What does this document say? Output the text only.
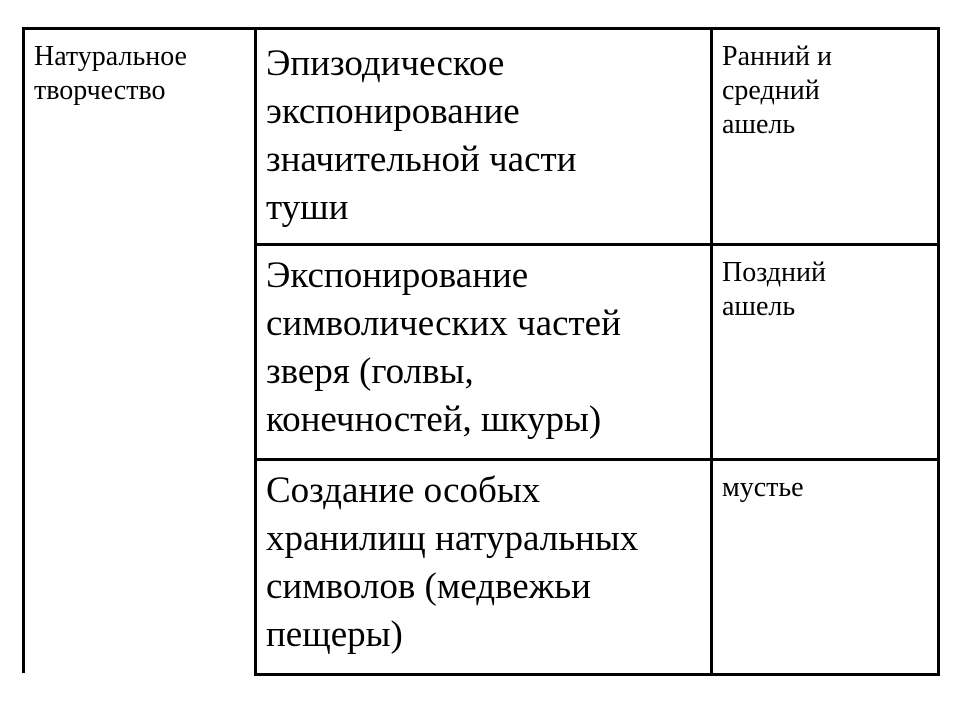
Натуральное
творчество
Эпизодическое
экспонирование
значительной части
туши
Ранний и
средний
ашель
Экспонирование
символических частей
зверя (голвы,
конечностей, шкуры)
Поздний
ашель
Создание особых
хранилищ натуральных
символов (медвежьи
пещеры)
мустье
